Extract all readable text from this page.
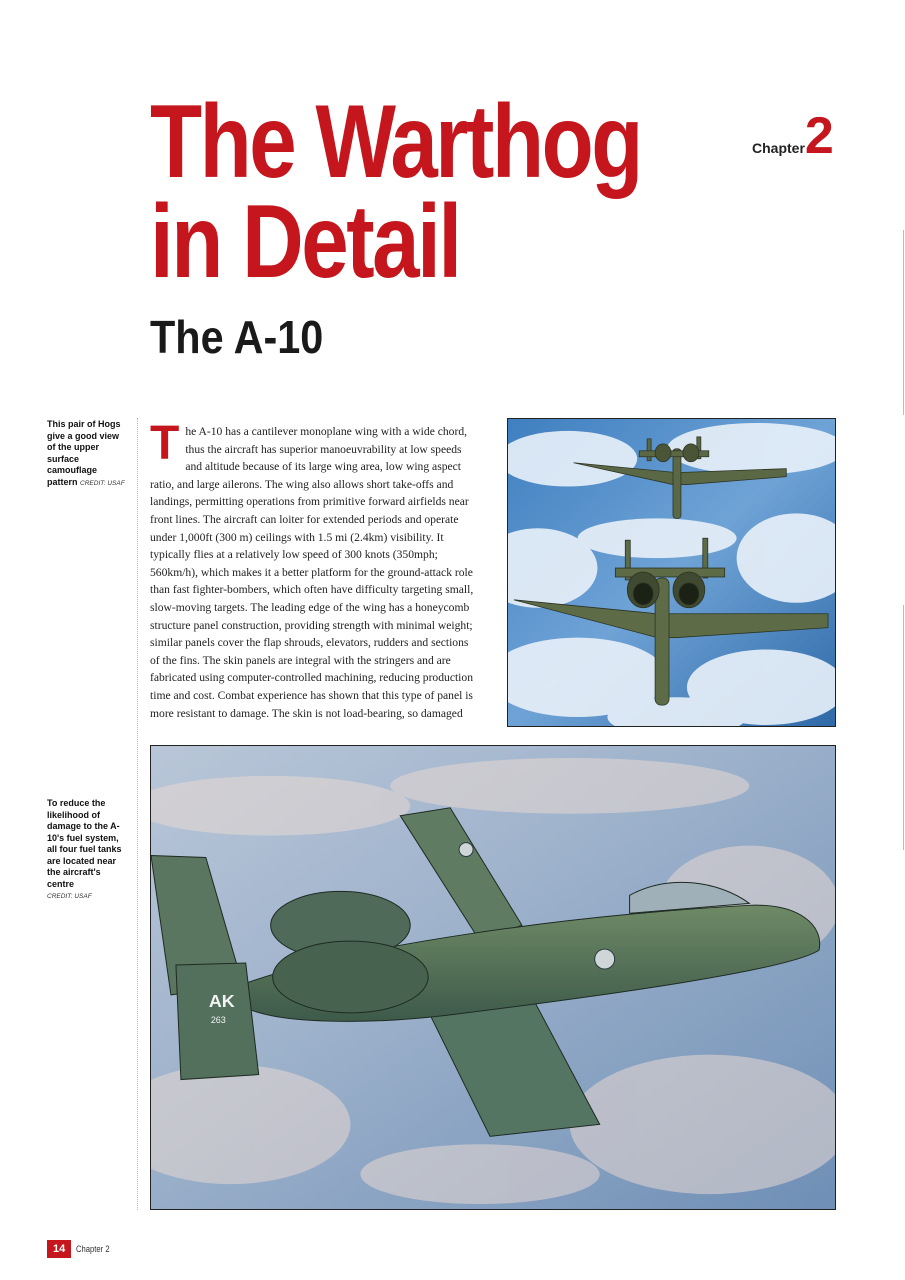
The Warthog
in Detail
The A-10
Chapter 2
This pair of Hogs give a good view of the upper surface camouflage pattern CREDIT: USAF
To reduce the likelihood of damage to the A-10's fuel system, all four fuel tanks are located near the aircraft's centre
CREDIT: USAF
T he A-10 has a cantilever monoplane wing with a wide chord, thus the aircraft has superior manoeuvrability at low speeds and altitude because of its large wing area, low wing aspect ratio, and large ailerons. The wing also allows short take-offs and landings, permitting operations from primitive forward airfields near front lines. The aircraft can loiter for extended periods and operate under 1,000ft (300 m) ceilings with 1.5 mi (2.4km) visibility. It typically flies at a relatively low speed of 300 knots (350mph; 560km/h), which makes it a better platform for the ground-attack role than fast fighter-bombers, which often have difficulty targeting small, slow-moving targets. The leading edge of the wing has a honeycomb structure panel construction, providing strength with minimal weight; similar panels cover the flap shrouds, elevators, rudders and sections of the fins. The skin panels are integral with the stringers and are fabricated using computer-controlled machining, reducing production time and cost. Combat experience has shown that this type of panel is more resistant to damage. The skin is not load-bearing, so damaged
AK
263
14	Chapter 2
